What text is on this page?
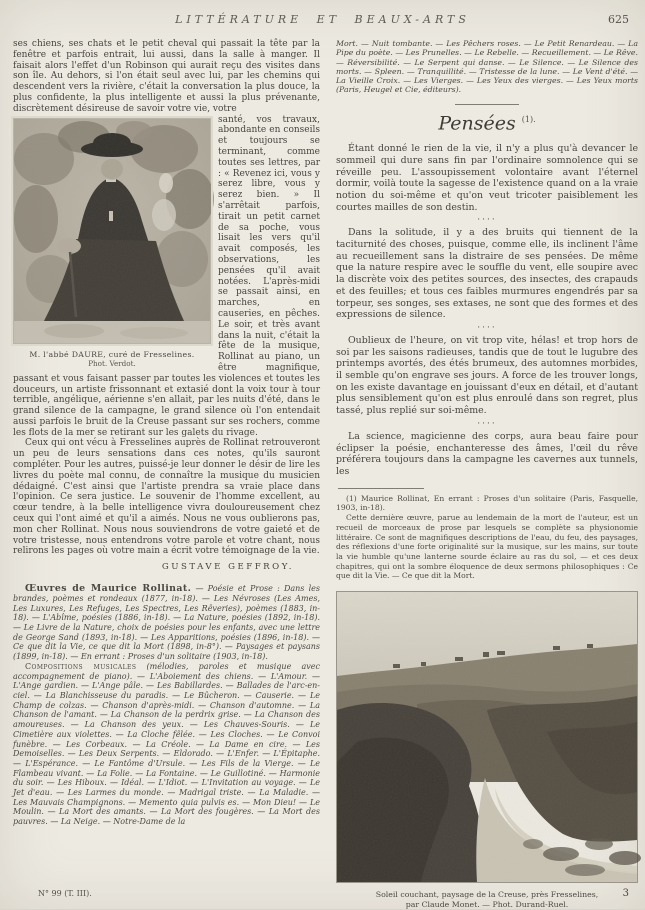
LITTÉRATURE ET BEAUX-ARTS	625

ses chiens, ses chats et le petit cheval qui passait la tête par la fenêtre et parfois entrait, lui aussi, dans la salle à manger. Il faisait alors l'effet d'un Robinson qui aurait reçu des visites dans son île. Au dehors, si l'on était seul avec lui, par les chemins qui descendent vers la rivière, c'était la conversation la plus douce, la plus confidente, la plus intelligente et aussi la plus prévenante, discrètement désireuse de savoir votre vie, votre

M. l'abbé DAURE, curé de Fresselines.
Phot. Verdot.

santé, vos travaux, abondante en conseils et toujours se terminant, comme toutes ses lettres, par : « Revenez ici, vous y serez libre, vous y serez bien. » Il s'arrêtait parfois, tirait un petit carnet de sa poche, vous lisait les vers qu'il avait composés, les observations, les pensées qu'il avait notées. L'après-midi se passait ainsi, en marches, en causeries, en pêches. Le soir, et très avant dans la nuit, c'était la fête de la musique, Rollinat au piano, un être magnifique, passant et vous faisant passer par toutes les violences et toutes les douceurs, un artiste frissonnant et extasié dont la voix tour à tour terrible, angélique, aérienne s'en allait, par les nuits d'été, dans le grand silence de la campagne, le grand silence où l'on entendait aussi parfois le bruit de la Creuse passant sur ses rochers, comme les flots de la mer se retirant sur les galets du rivage.

Ceux qui ont vécu à Fresselines auprès de Rollinat retrouveront un peu de leurs sensations dans ces notes, qu'ils sauront compléter. Pour les autres, puissé-je leur donner le désir de lire les livres du poète mal connu, de connaître la musique du musicien dédaigné. C'est ainsi que l'artiste prendra sa vraie place dans l'opinion. Ce sera justice. Le souvenir de l'homme excellent, au cœur tendre, à la belle intelligence vivra douloureusement chez ceux qui l'ont aimé et qu'il a aimés. Nous ne vous oublierons pas, mon cher Rollinat. Nous nous souviendrons de votre gaieté et de votre tristesse, nous entendrons votre parole et votre chant, nous relirons les pages où votre main a écrit votre témoignage de la vie.

GUSTAVE GEFFROY.

Œuvres de Maurice Rollinat. — Poésie et Prose : Dans les brandes, poèmes et rondeaux (1877, in-18). — Les Névroses (Les Ames, Les Luxures, Les Refuges, Les Spectres, Les Rêveries), poèmes (1883, in-18). — L'Abîme, poésies (1886, in-18). — La Nature, poésies (1892, in-18). — Le Livre de la Nature, choix de poésies pour les enfants, avec une lettre de George Sand (1893, in-18). — Les Apparitions, poésies (1896, in-18). — Ce que dit la Vie, ce que dit la Mort (1898, in-8°). — Paysages et paysans (1899, in-18). — En errant : Proses d'un solitaire (1903, in-18).

Compositions musicales (mélodies, paroles et musique avec accompagnement de piano). — L'Aboiement des chiens. — L'Amour. — L'Ange gardien. — L'Ange pâle. — Les Babillardes. — Ballades de l'arc-en-ciel. — La Blanchisseuse du paradis. — Le Bûcheron. — Causerie. — Le Champ de colzas. — Chanson d'après-midi. — Chanson d'automne. — La Chanson de l'amant. — La Chanson de la perdrix grise. — La Chanson des amoureuses. — La Chanson des yeux. — Les Chauves-Souris. — Le Cimetière aux violettes. — La Cloche fêlée. — Les Cloches. — Le Convoi funèbre. — Les Corbeaux. — La Créole. — La Dame en cire. — Les Demoiselles. — Les Deux Serpents. — Eldorado. — L'Enfer. — L'Épitaphe. — L'Espérance. — Le Fantôme d'Ursule. — Les Fils de la Vierge. — Le Flambeau vivant. — La Folie. — La Fontaine. — Le Guillotiné. — Harmonie du soir. — Les Hiboux. — Idéal. — L'Idiot. — L'Invitation au voyage. — Le Jet d'eau. — Les Larmes du monde. — Madrigal triste. — La Maladie. — Les Mauvais Champignons. — Memento quia pulvis es. — Mon Dieu! — Le Moulin. — La Mort des amants. — La Mort des fougères. — La Mort des pauvres. — La Neige. — Notre-Dame de la

Mort. — Nuit tombante. — Les Pêchers roses. — Le Petit Renardeau. — La Pipe du poète. — Les Prunelles. — Le Rebelle. — Recueillement. — Le Rêve. — Réversibilité. — Le Serpent qui danse. — Le Silence. — Le Silence des morts. — Spleen. — Tranquillité. — Tristesse de la lune. — Le Vent d'été. — La Vieille Croix. — Les Vierges. — Les Yeux des vierges. — Les Yeux morts (Paris, Heugel et Cie, éditeurs).

Pensées $^{(1).}$

Étant donné le rien de la vie, il n'y a plus qu'à devancer le sommeil qui dure sans fin par l'ordinaire somnolence qui se réveille peu. L'assoupissement volontaire avant l'éternel dormir, voilà toute la sagesse de l'existence quand on a la vraie notion du soi-même et qu'on veut tricoter paisiblement les courtes mailles de son destin.

····

Dans la solitude, il y a des bruits qui tiennent de la taciturnité des choses, puisque, comme elle, ils inclinent l'âme au recueillement sans la distraire de ses pensées. De même que la nature respire avec le souffle du vent, elle soupire avec la discrète voix des petites sources, des insectes, des crapauds et des feuilles; et tous ces faibles murmures engendrés par sa torpeur, ses songes, ses extases, ne sont que des formes et des expressions de silence.

····

Oublieux de l'heure, on vit trop vite, hélas! et trop hors de soi par les saisons radieuses, tandis que de tout le lugubre des printemps avortés, des étés brumeux, des automnes morbides, il semble qu'on engrave ses jours. A force de les trouver longs, on les existe davantage en jouissant d'eux en détail, et d'autant plus sensiblement qu'on est plus enroulé dans son regret, plus tassé, plus replié sur soi-même.

····

La science, magicienne des corps, aura beau faire pour éclipser la poésie, enchanteresse des âmes, l'œil du rêve préférera toujours dans la campagne les cavernes aux tunnels, les

(1) Maurice Rollinat, En errant : Proses d'un solitaire (Paris, Fasquelle, 1903, in-18).

Cette dernière œuvre, parue au lendemain de la mort de l'auteur, est un recueil de morceaux de prose par lesquels se complète sa physionomie littéraire. Ce sont de magnifiques descriptions de l'eau, du feu, des paysages, des réflexions d'une forte originalité sur la musique, sur les mains, sur toute la vie humble qu'une lanterne sourde éclaire au ras du sol, — et ces deux chapitres, qui ont la sombre éloquence de deux sermons philosophiques : Ce que dit la Vie. — Ce que dit la Mort.

Soleil couchant, paysage de la Creuse, près Fresselines,
par Claude Monet. — Phot. Durand-Ruel.
N° 99 (T. III).	3
